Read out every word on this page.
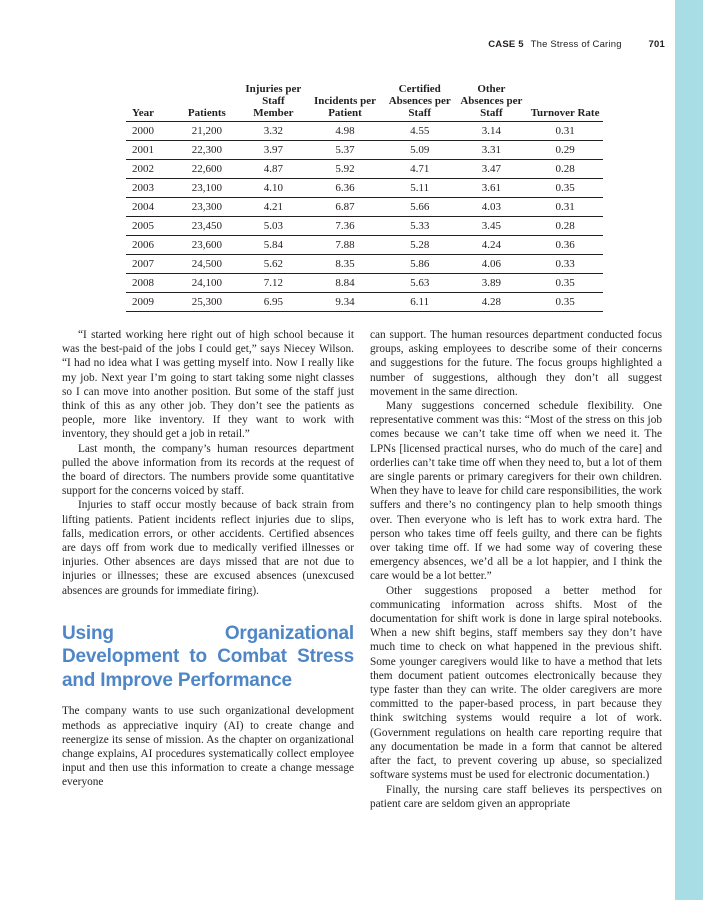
CASE 5 The Stress of Caring	701
Year	Patients	Injuries per Staff Member	Incidents per Patient	Certified Absences per Staff	Other Absences per Staff	Turnover Rate
2000	21,200	3.32	4.98	4.55	3.14	0.31
2001	22,300	3.97	5.37	5.09	3.31	0.29
2002	22,600	4.87	5.92	4.71	3.47	0.28
2003	23,100	4.10	6.36	5.11	3.61	0.35
2004	23,300	4.21	6.87	5.66	4.03	0.31
2005	23,450	5.03	7.36	5.33	3.45	0.28
2006	23,600	5.84	7.88	5.28	4.24	0.36
2007	24,500	5.62	8.35	5.86	4.06	0.33
2008	24,100	7.12	8.84	5.63	3.89	0.35
2009	25,300	6.95	9.34	6.11	4.28	0.35

“I started working here right out of high school because it was the best-paid of the jobs I could get,” says Niecey Wilson. “I had no idea what I was getting myself into. Now I really like my job. Next year I’m going to start taking some night classes so I can move into another position. But some of the staff just think of this as any other job. They don’t see the patients as people, more like inventory. If they want to work with inventory, they should get a job in retail.”

Last month, the company’s human resources department pulled the above information from its records at the request of the board of directors. The numbers provide some quantitative support for the concerns voiced by staff.

Injuries to staff occur mostly because of back strain from lifting patients. Patient incidents reflect injuries due to slips, falls, medication errors, or other accidents. Certified absences are days off from work due to medically verified illnesses or injuries. Other absences are days missed that are not due to injuries or illnesses; these are excused absences (unexcused absences are grounds for immediate firing).

Using Organizational Development to Combat Stress and Improve Performance

The company wants to use such organizational development methods as appreciative inquiry (AI) to create change and reenergize its sense of mission. As the chapter on organizational change explains, AI procedures systematically collect employee input and then use this information to create a change message everyone

can support. The human resources department conducted focus groups, asking employees to describe some of their concerns and suggestions for the future. The focus groups highlighted a number of suggestions, although they don’t all suggest movement in the same direction.

Many suggestions concerned schedule flexibility. One representative comment was this: “Most of the stress on this job comes because we can’t take time off when we need it. The LPNs [licensed practical nurses, who do much of the care] and orderlies can’t take time off when they need to, but a lot of them are single parents or primary caregivers for their own children. When they have to leave for child care responsibilities, the work suffers and there’s no contingency plan to help smooth things over. Then everyone who is left has to work extra hard. The person who takes time off feels guilty, and there can be fights over taking time off. If we had some way of covering these emergency absences, we’d all be a lot happier, and I think the care would be a lot better.”

Other suggestions proposed a better method for communicating information across shifts. Most of the documentation for shift work is done in large spiral notebooks. When a new shift begins, staff members say they don’t have much time to check on what happened in the previous shift. Some younger caregivers would like to have a method that lets them document patient outcomes electronically because they type faster than they can write. The older caregivers are more committed to the paper-based process, in part because they think switching systems would require a lot of work. (Government regulations on health care reporting require that any documentation be made in a form that cannot be altered after the fact, to prevent covering up abuse, so specialized software systems must be used for electronic documentation.)

Finally, the nursing care staff believes its perspectives on patient care are seldom given an appropriate
